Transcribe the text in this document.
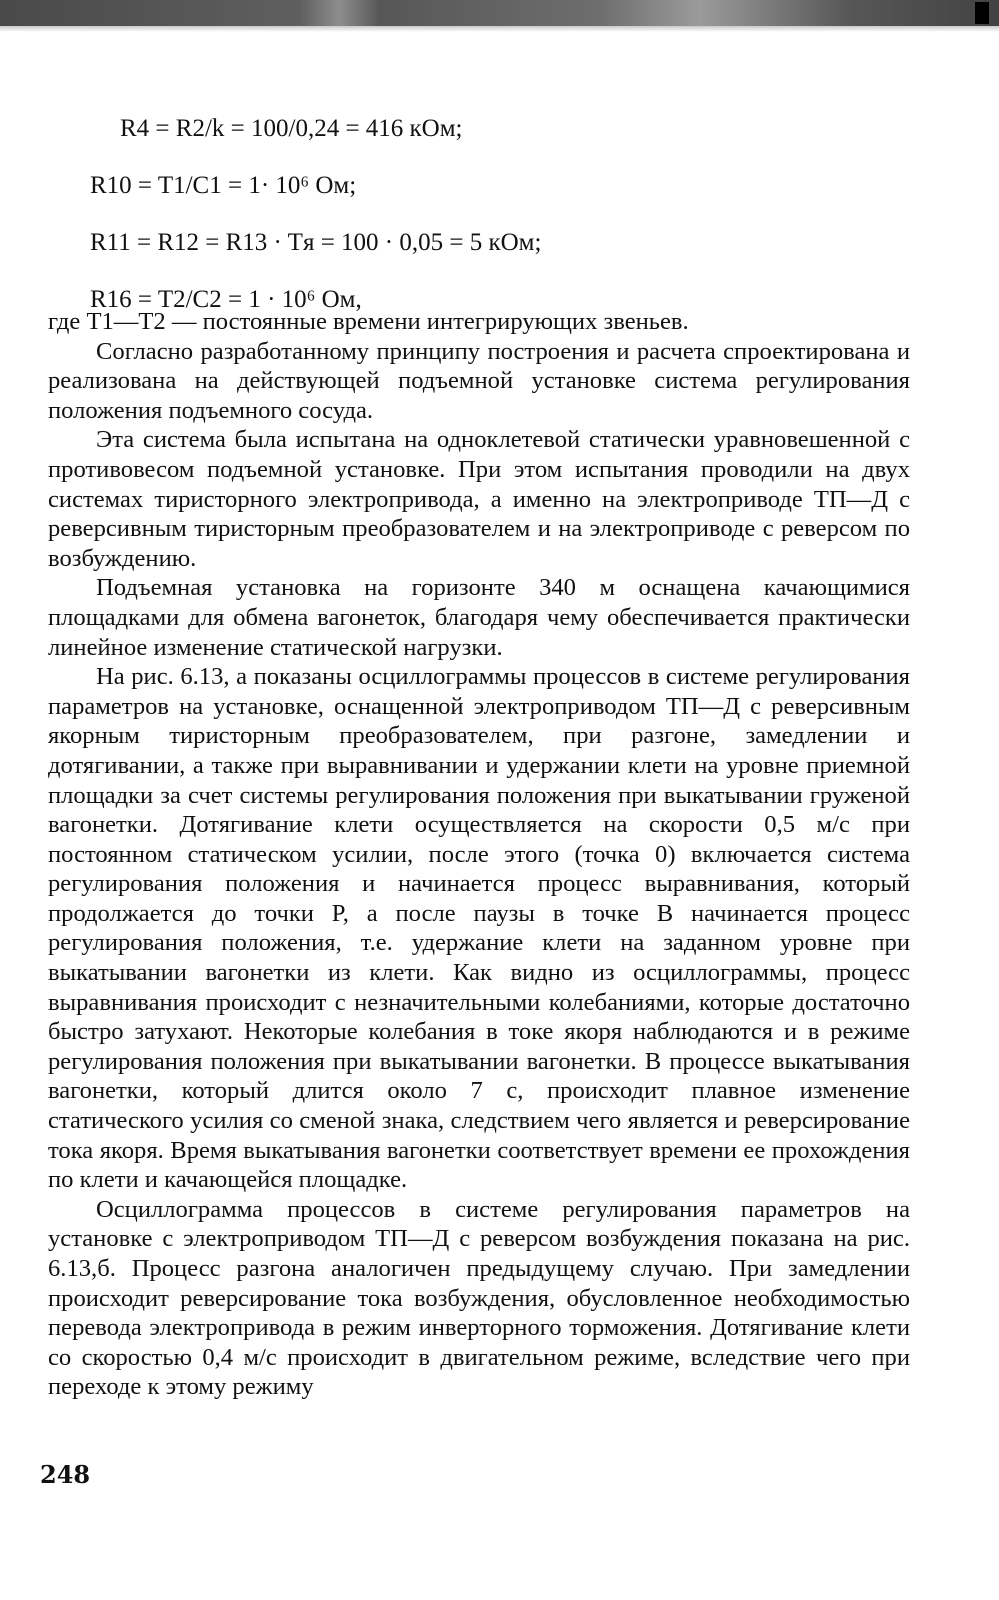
R4 = R2/k = 100/0,24 = 416 кОм;
R10 = T1/C1 = 1· 10⁶ Ом;
R11 = R12 = R13 · Tя = 100 · 0,05 = 5 кОм;
R16 = T2/C2 = 1 · 10⁶ Ом,

где T1—T2 — постоянные времени интегрирующих звеньев.

Согласно разработанному принципу построения и расчета спроектирована и реализована на действующей подъемной установке система регулирования положения подъемного сосуда.

Эта система была испытана на одноклетевой статически уравновешенной с противовесом подъемной установке. При этом испытания проводили на двух системах тиристорного электропривода, а именно на электроприводе ТП—Д с реверсивным тиристорным преобразователем и на электроприводе с реверсом по возбуждению.

Подъемная установка на горизонте 340 м оснащена качающимися площадками для обмена вагонеток, благодаря чему обеспечивается практически линейное изменение статической нагрузки.

На рис. 6.13, а показаны осциллограммы процессов в системе регулирования параметров на установке, оснащенной электроприводом ТП—Д с реверсивным якорным тиристорным преобразователем, при разгоне, замедлении и дотягивании, а также при выравнивании и удержании клети на уровне приемной площадки за счет системы регулирования положения при выкатывании груженой вагонетки. Дотягивание клети осуществляется на скорости 0,5 м/с при постоянном статическом усилии, после этого (точка 0) включается система регулирования положения и начинается процесс выравнивания, который продолжается до точки P, а после паузы в точке B начинается процесс регулирования положения, т.е. удержание клети на заданном уровне при выкатывании вагонетки из клети. Как видно из осциллограммы, процесс выравнивания происходит с незначительными колебаниями, которые достаточно быстро затухают. Некоторые колебания в токе якоря наблюдаются и в режиме регулирования положения при выкатывании вагонетки. В процессе выкатывания вагонетки, который длится около 7 с, происходит плавное изменение статического усилия со сменой знака, следствием чего является и реверсирование тока якоря. Время выкатывания вагонетки соответствует времени ее прохождения по клети и качающейся площадке.

Осциллограмма процессов в системе регулирования параметров на установке с электроприводом ТП—Д с реверсом возбуждения показана на рис. 6.13,б. Процесс разгона аналогичен предыдущему случаю. При замедлении происходит реверсирование тока возбуждения, обусловленное необходимостью перевода электропривода в режим инверторного торможения. Дотягивание клети со скоростью 0,4 м/с происходит в двигательном режиме, вследствие чего при переходе к этому режиму

248
